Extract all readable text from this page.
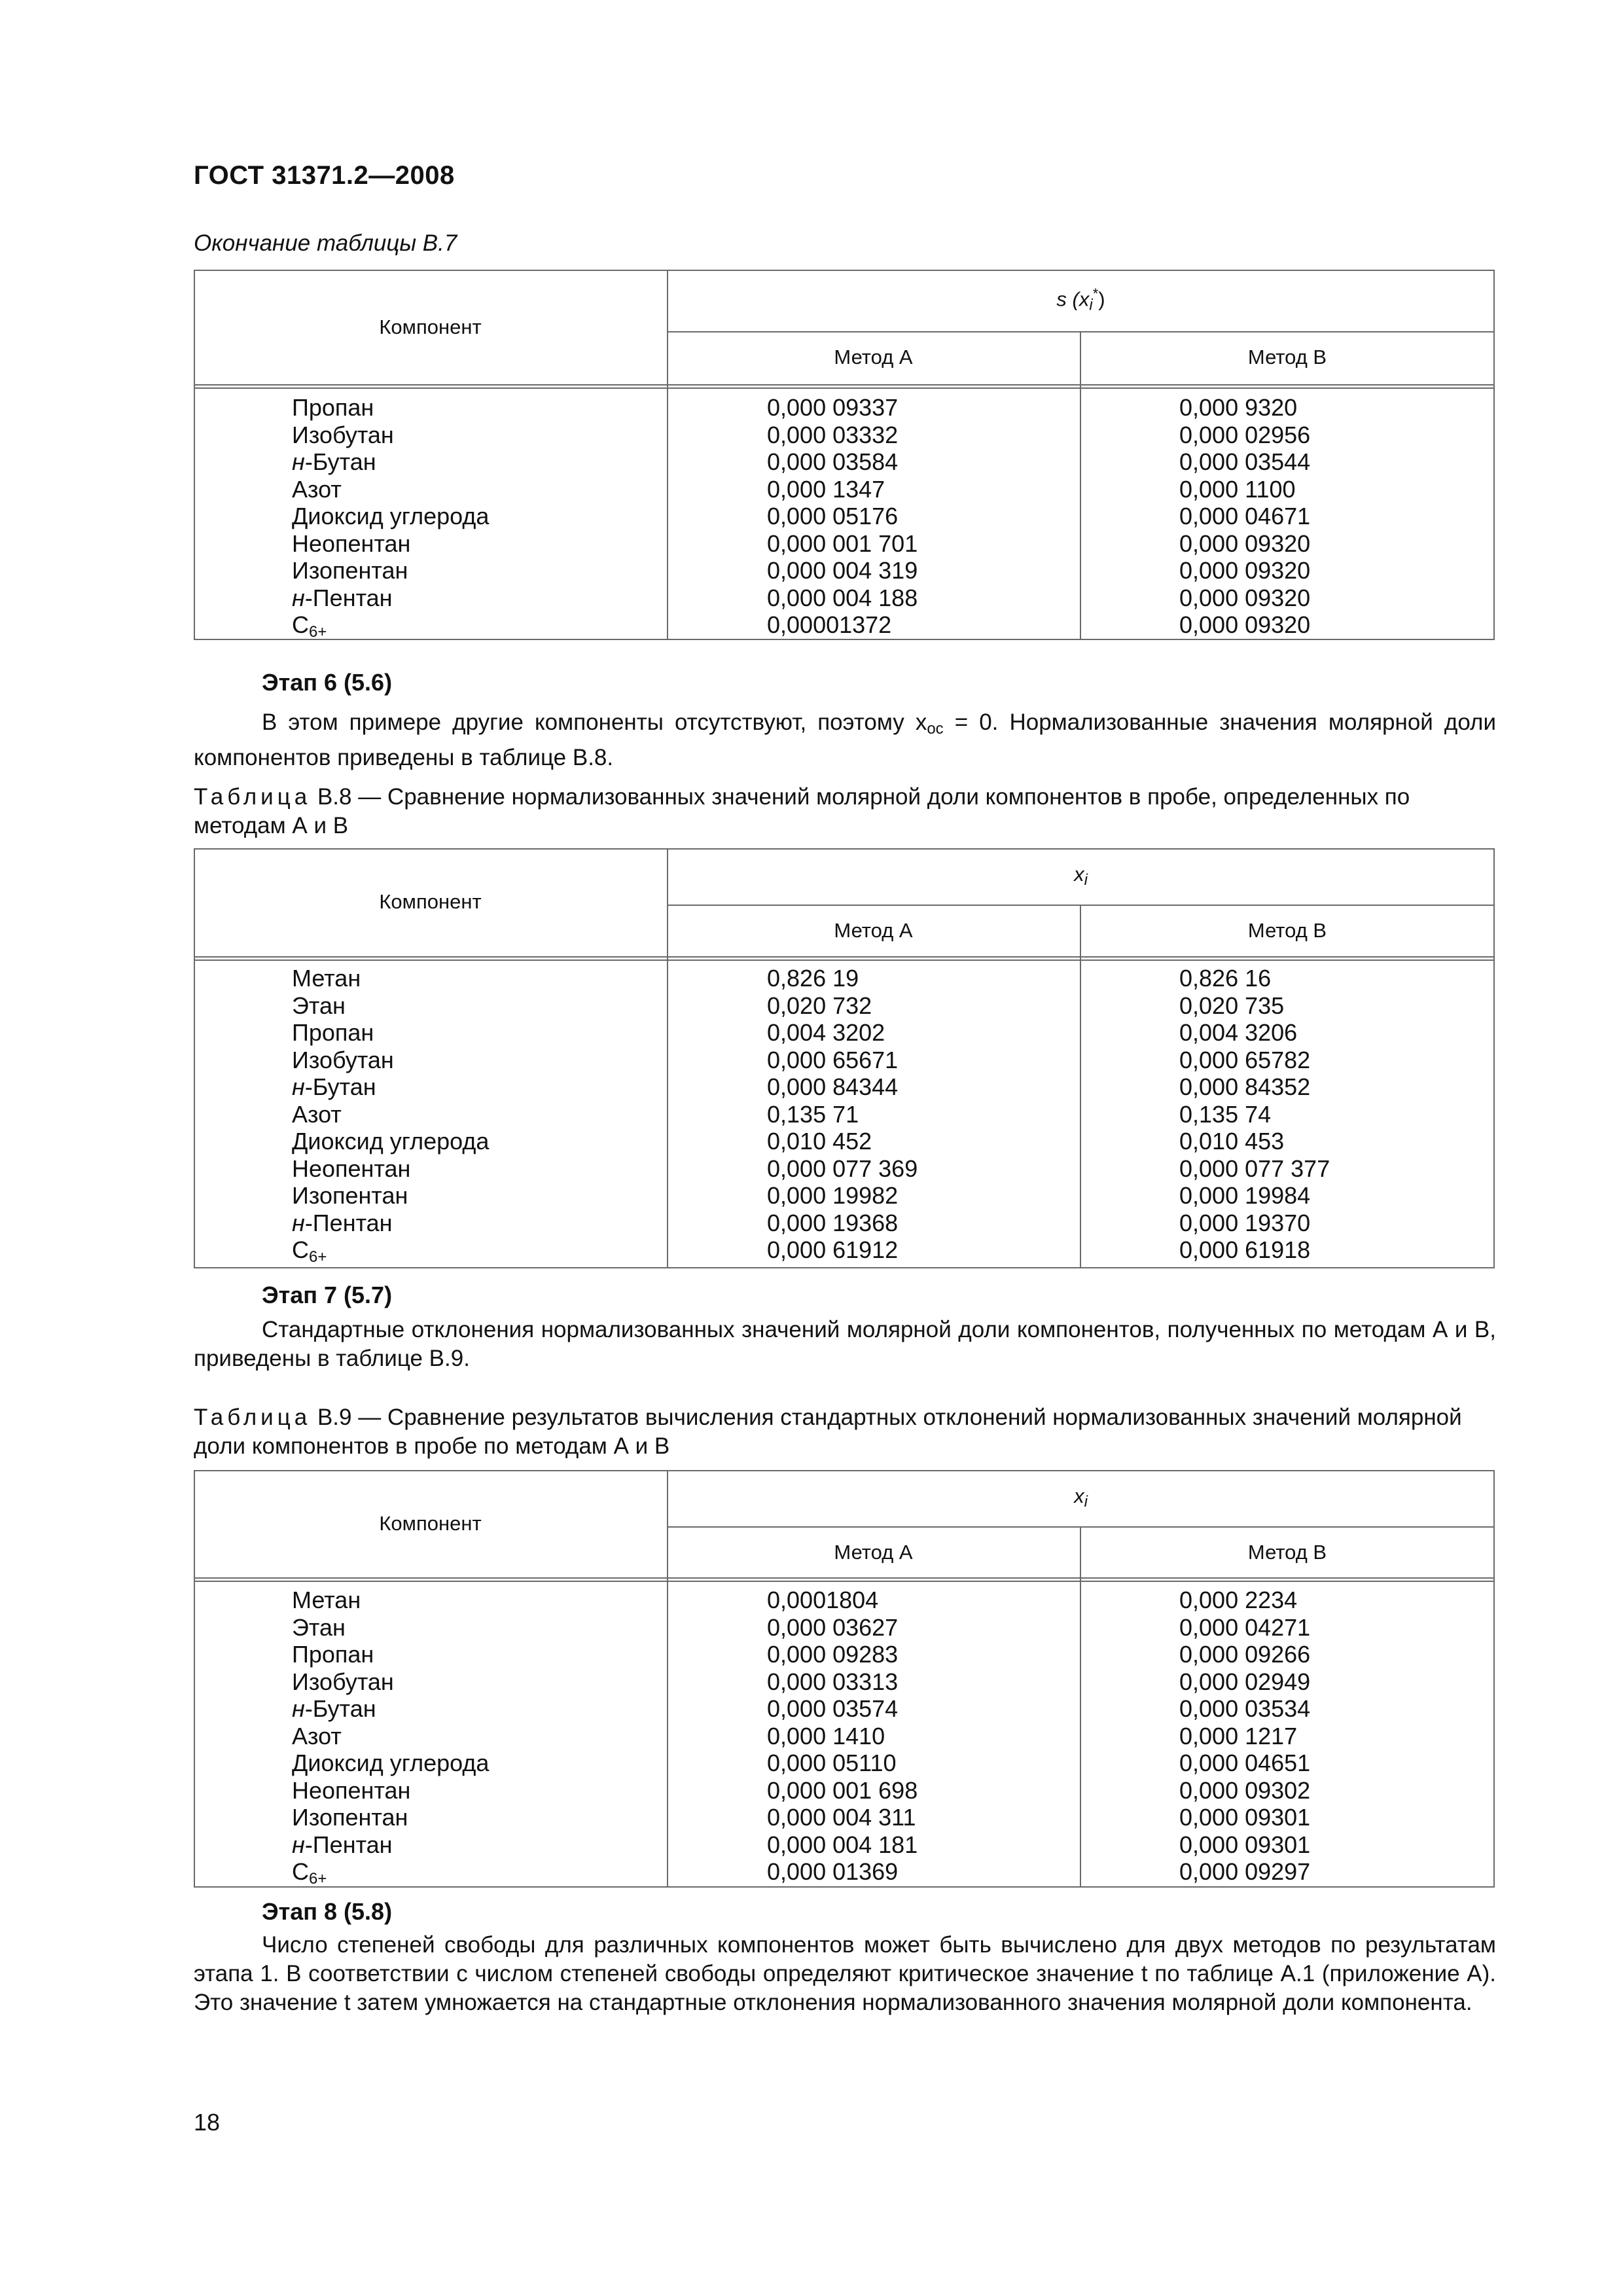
ГОСТ 31371.2—2008
Окончание таблицы В.7
Компонент
s $(x_i^*)$
Метод А	Метод В
Пропан	0,000 09337	0,000 9320
Изобутан	0,000 03332	0,000 02956
н-Бутан	0,000 03584	0,000 03544
Азот	0,000 1347	0,000 1100
Диоксид углерода	0,000 05176	0,000 04671
Неопентан	0,000 001 701	0,000 09320
Изопентан	0,000 004 319	0,000 09320
н-Пентан	0,000 004 188	0,000 09320
$C_{6+}$	0,00001372	0,000 09320
Этап 6 (5.6)
В этом примере другие компоненты отсутствуют, поэтому $x_{ос} = 0$. Нормализованные значения молярной доли компонентов приведены в таблице В.8.
Таблица В.8 — Сравнение нормализованных значений молярной доли компонентов в пробе, определенных по методам А и В
Компонент
$x_i$
Метод А	Метод В
Метан	0,826 19	0,826 16
Этан	0,020 732	0,020 735
Пропан	0,004 3202	0,004 3206
Изобутан	0,000 65671	0,000 65782
н-Бутан	0,000 84344	0,000 84352
Азот	0,135 71	0,135 74
Диоксид углерода	0,010 452	0,010 453
Неопентан	0,000 077 369	0,000 077 377
Изопентан	0,000 19982	0,000 19984
н-Пентан	0,000 19368	0,000 19370
$C_{6+}$	0,000 61912	0,000 61918
Этап 7 (5.7)
Стандартные отклонения нормализованных значений молярной доли компонентов, полученных по методам А и В, приведены в таблице В.9.
Таблица В.9 — Сравнение результатов вычисления стандартных отклонений нормализованных значений молярной доли компонентов в пробе по методам А и В
Компонент
$x_i$
Метод А	Метод В
Метан	0,0001804	0,000 2234
Этан	0,000 03627	0,000 04271
Пропан	0,000 09283	0,000 09266
Изобутан	0,000 03313	0,000 02949
н-Бутан	0,000 03574	0,000 03534
Азот	0,000 1410	0,000 1217
Диоксид углерода	0,000 05110	0,000 04651
Неопентан	0,000 001 698	0,000 09302
Изопентан	0,000 004 311	0,000 09301
н-Пентан	0,000 004 181	0,000 09301
$C_{6+}$	0,000 01369	0,000 09297
Этап 8 (5.8)
Число степеней свободы для различных компонентов может быть вычислено для двух методов по результатам этапа 1. В соответствии с числом степеней свободы определяют критическое значение t по таблице А.1 (приложение А). Это значение t затем умножается на стандартные отклонения нормализованного значения молярной доли компонента.
18
